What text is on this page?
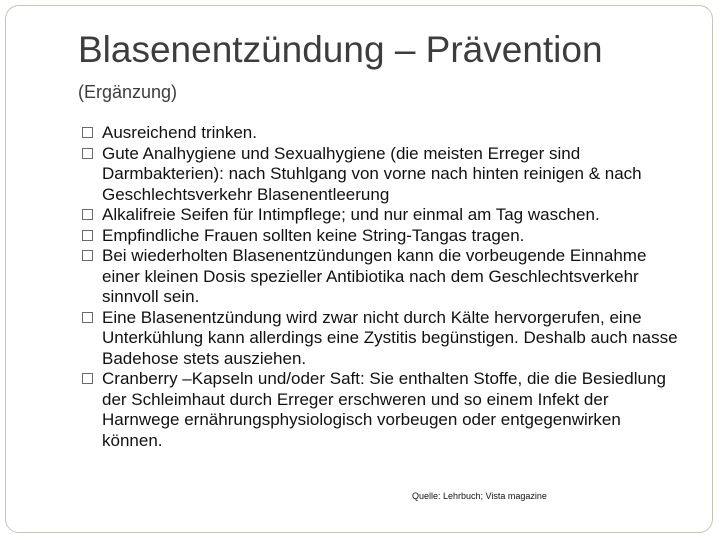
Blasenentzündung – Prävention
(Ergänzung)
Ausreichend trinken.
Gute Analhygiene und Sexualhygiene (die meisten Erreger sind Darmbakterien): nach Stuhlgang von vorne nach hinten reinigen & nach Geschlechtsverkehr Blasenentleerung
Alkalifreie Seifen für Intimpflege; und nur einmal am Tag waschen.
Empfindliche Frauen sollten keine String-Tangas tragen.
Bei wiederholten Blasenentzündungen kann die vorbeugende Einnahme einer kleinen Dosis spezieller Antibiotika nach dem Geschlechtsverkehr sinnvoll sein.
Eine Blasenentzündung wird zwar nicht durch Kälte hervorgerufen, eine Unterkühlung kann allerdings eine Zystitis begünstigen. Deshalb auch nasse Badehose stets ausziehen.
Cranberry –Kapseln und/oder Saft: Sie enthalten Stoffe, die die Besiedlung der Schleimhaut durch Erreger erschweren und so einem Infekt der Harnwege ernährungsphysiologisch vorbeugen oder entgegenwirken können.
Quelle: Lehrbuch; Vista magazine
